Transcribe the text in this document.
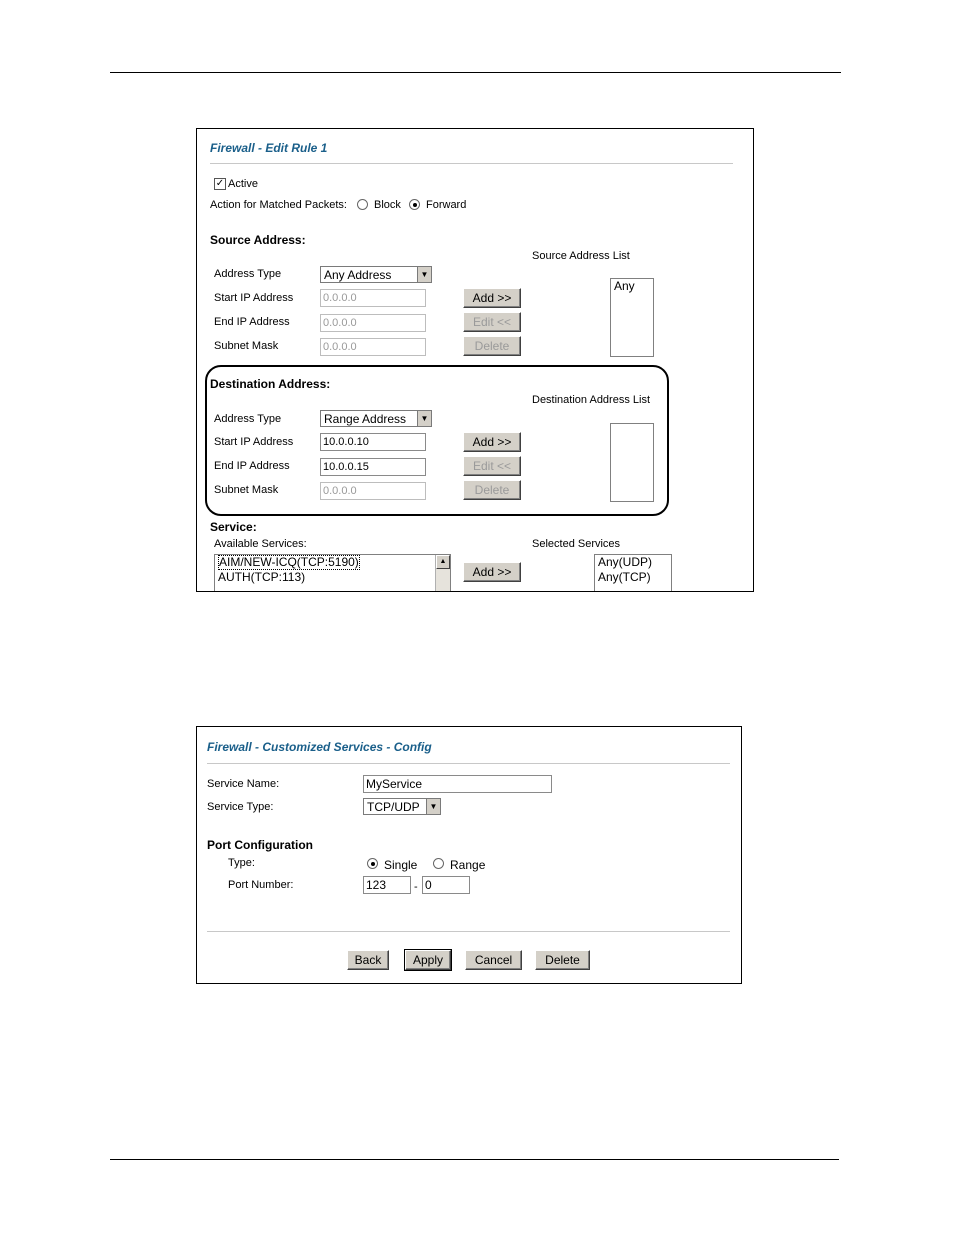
Firewall - Edit Rule 1
✓ Active
Action for Matched Packets: Block Forward
Source Address:
Source Address List
Address Type	Any Address	▼
Start IP Address	0.0.0.0	Add >>
End IP Address	0.0.0.0	Edit <<
Subnet Mask	0.0.0.0	Delete
Any
Destination Address:
Destination Address List
Address Type	Range Address	▼
Start IP Address	10.0.0.10	Add >>
End IP Address	10.0.0.15	Edit <<
Subnet Mask	0.0.0.0	Delete
Service:
Available Services:	Selected Services
AIM/NEW-ICQ(TCP:5190)
AUTH(TCP:113)
▲
Add >>
Any(UDP)
Any(TCP)
Firewall - Customized Services - Config
Service Name:	MyService
Service Type:	TCP/UDP	▼
Port Configuration
Type:	Single	Range
Port Number:	123	- 0
Back	Apply	Cancel	Delete
